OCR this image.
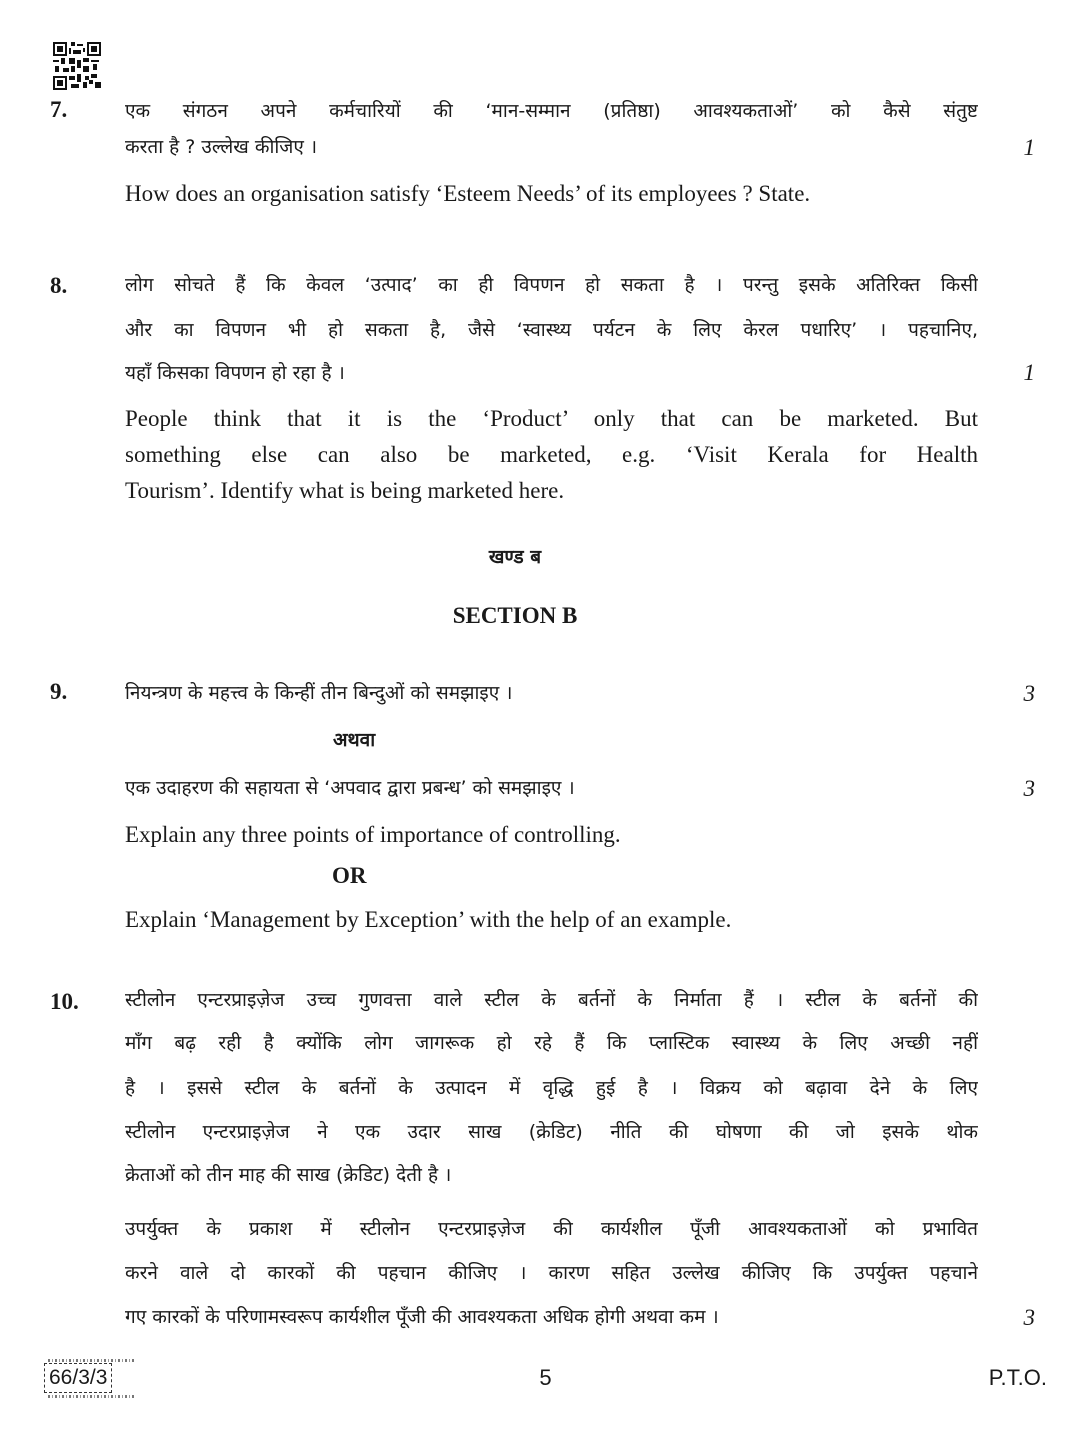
7.	एक संगठन अपने कर्मचारियों की ‘मान-सम्मान (प्रतिष्ठा) आवश्यकताओं’ को कैसे संतुष्ट
करता है ? उल्लेख कीजिए ।	1
How does an organisation satisfy ‘Esteem Needs’ of its employees ? State.
8.	लोग सोचते हैं कि केवल ‘उत्पाद’ का ही विपणन हो सकता है । परन्तु इसके अतिरिक्त किसी
और का विपणन भी हो सकता है, जैसे ‘स्वास्थ्य पर्यटन के लिए केरल पधारिए’ । पहचानिए,
यहाँ किसका विपणन हो रहा है ।	1
People think that it is the ‘Product’ only that can be marketed. But
something else can also be marketed, e.g. ‘Visit Kerala for Health
Tourism’. Identify what is being marketed here.
खण्ड ब
SECTION B
9.	नियन्त्रण के महत्त्व के किन्हीं तीन बिन्दुओं को समझाइए ।	3
अथवा
एक उदाहरण की सहायता से ‘अपवाद द्वारा प्रबन्ध’ को समझाइए ।	3
Explain any three points of importance of controlling.
OR
Explain ‘Management by Exception’ with the help of an example.
10. स्टीलोन एन्टरप्राइज़ेज उच्च गुणवत्ता वाले स्टील के बर्तनों के निर्माता हैं । स्टील के बर्तनों की
माँग बढ़ रही है क्योंकि लोग जागरूक हो रहे हैं कि प्लास्टिक स्वास्थ्य के लिए अच्छी नहीं
है । इससे स्टील के बर्तनों के उत्पादन में वृद्धि हुई है । विक्रय को बढ़ावा देने के लिए
स्टीलोन एन्टरप्राइज़ेज ने एक उदार साख (क्रेडिट) नीति की घोषणा की जो इसके थोक
क्रेताओं को तीन माह की साख (क्रेडिट) देती है ।
उपर्युक्त के प्रकाश में स्टीलोन एन्टरप्राइज़ेज की कार्यशील पूँजी आवश्यकताओं को प्रभावित
करने वाले दो कारकों की पहचान कीजिए । कारण सहित उल्लेख कीजिए कि उपर्युक्त पहचाने
गए कारकों के परिणामस्वरूप कार्यशील पूँजी की आवश्यकता अधिक होगी अथवा कम ।	3
66/3/3	5	P.T.O.
